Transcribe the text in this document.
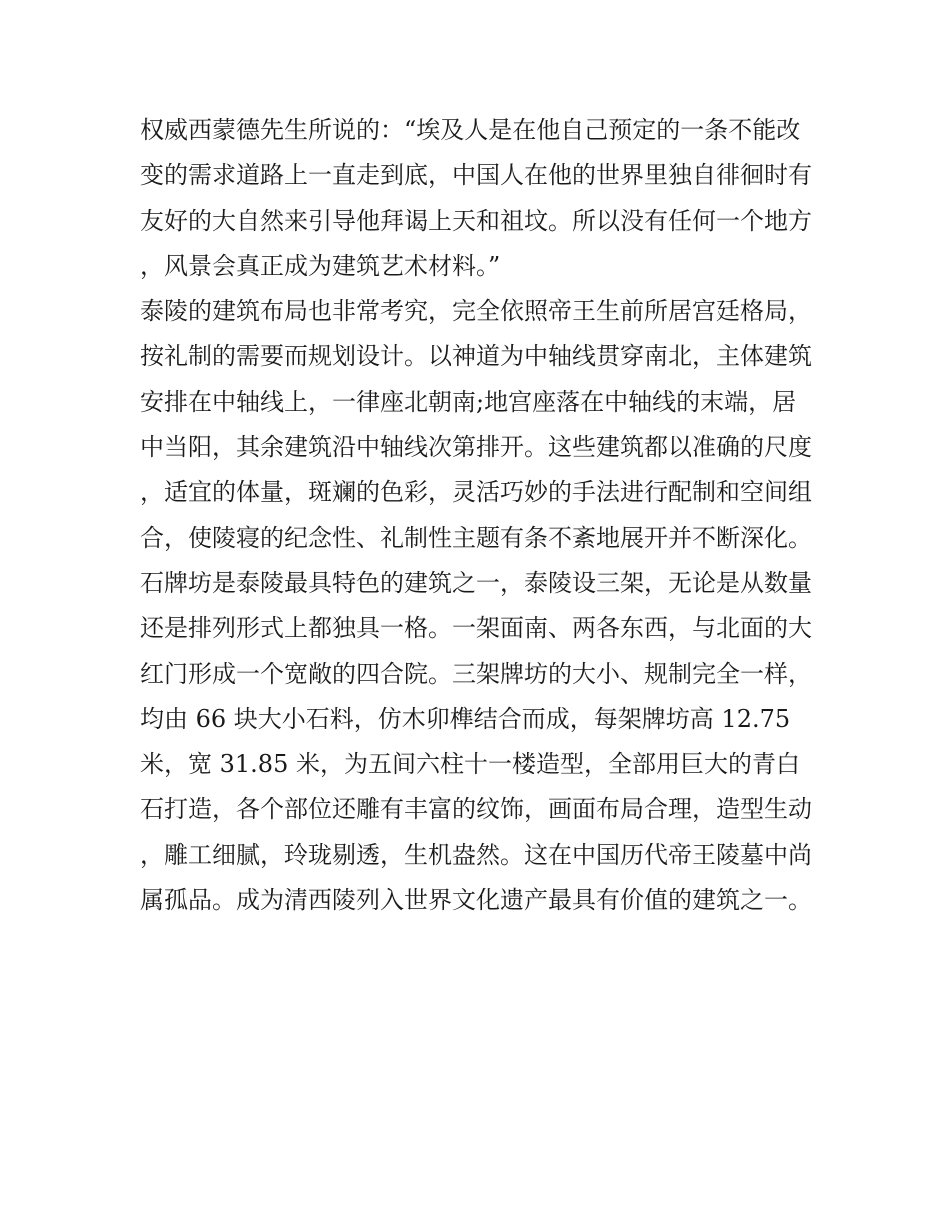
权威西蒙德先生所说的：“埃及人是在他自己预定的一条不能改变的需求道路上一直走到底，中国人在他的世界里独自徘徊时有友好的大自然来引导他拜谒上天和祖坟。所以没有任何一个地方，风景会真正成为建筑艺术材料。”

泰陵的建筑布局也非常考究，完全依照帝王生前所居宫廷格局，按礼制的需要而规划设计。以神道为中轴线贯穿南北，主体建筑安排在中轴线上，一律座北朝南;地宫座落在中轴线的末端，居中当阳，其余建筑沿中轴线次第排开。这些建筑都以准确的尺度，适宜的体量，斑斓的色彩，灵活巧妙的手法进行配制和空间组合，使陵寝的纪念性、礼制性主题有条不紊地展开并不断深化。

石牌坊是泰陵最具特色的建筑之一，泰陵设三架，无论是从数量还是排列形式上都独具一格。一架面南、两各东西，与北面的大红门形成一个宽敞的四合院。三架牌坊的大小、规制完全一样，均由 66 块大小石料，仿木卯榫结合而成，每架牌坊高 12.75 米，宽 31.85 米，为五间六柱十一楼造型，全部用巨大的青白石打造，各个部位还雕有丰富的纹饰，画面布局合理，造型生动，雕工细腻，玲珑剔透，生机盎然。这在中国历代帝王陵墓中尚属孤品。成为清西陵列入世界文化遗产最具有价值的建筑之一。
